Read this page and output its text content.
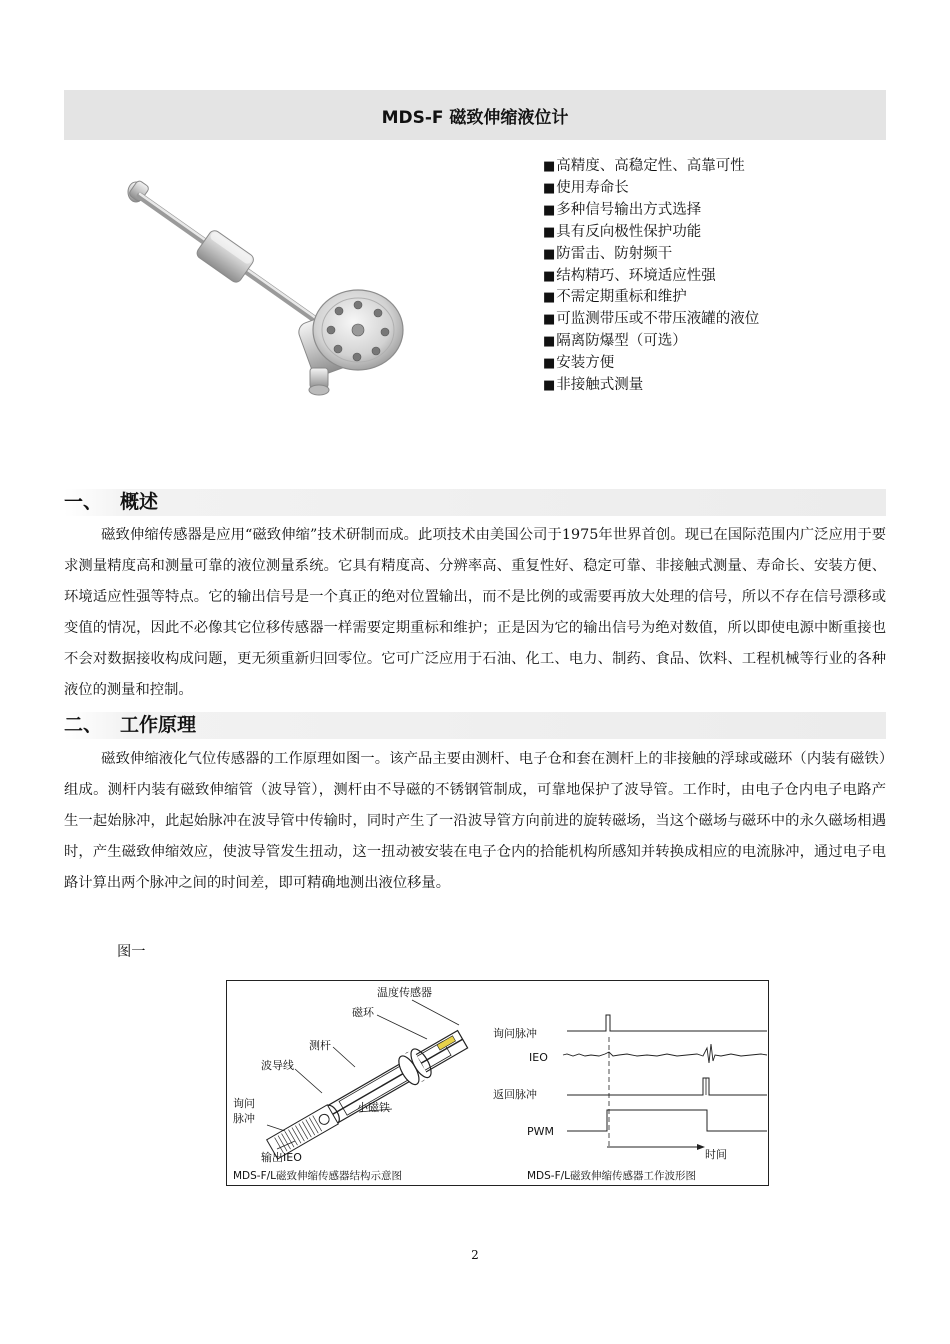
MDS-F 磁致伸缩液位计
■ 高精度、高稳定性、高靠可性
■ 使用寿命长
■ 多种信号输出方式选择
■ 具有反向极性保护功能
■ 防雷击、防射频干
■ 结构精巧、环境适应性强
■ 不需定期重标和维护
■ 可监测带压或不带压液罐的液位
■ 隔离防爆型（可选）
■ 安装方便
■ 非接触式测量
一、 概述

磁致伸缩传感器是应用“磁致伸缩”技术研制而成。此项技术由美国公司于1975年世界首创。现已在国际范围内广泛应用于要求测量精度高和测量可靠的液位测量系统。它具有精度高、分辨率高、重复性好、稳定可靠、非接触式测量、寿命长、安装方便、环境适应性强等特点。它的输出信号是一个真正的绝对位置输出，而不是比例的或需要再放大处理的信号，所以不存在信号漂移或变值的情况，因此不必像其它位移传感器一样需要定期重标和维护；正是因为它的输出信号为绝对数值，所以即使电源中断重接也不会对数据接收构成问题，更无须重新归回零位。它可广泛应用于石油、化工、电力、制药、食品、饮料、工程机械等行业的各种液位的测量和控制。

二、 工作原理

磁致伸缩液化气位传感器的工作原理如图一。该产品主要由测杆、电子仓和套在测杆上的非接触的浮球或磁环（内装有磁铁）组成。测杆内装有磁致伸缩管（波导管），测杆由不导磁的不锈钢管制成，可靠地保护了波导管。工作时，由电子仓内电子电路产生一起始脉冲，此起始脉冲在波导管中传输时，同时产生了一沿波导管方向前进的旋转磁场，当这个磁场与磁环中的永久磁场相遇时，产生磁致伸缩效应，使波导管发生扭动，这一扭动被安装在电子仓内的拾能机构所感知并转换成相应的电流脉冲，通过电子电路计算出两个脉冲之间的时间差，即可精确地测出液位移量。

图一
温度传感器
磁环
测杆
波导线
询问
脉冲
小磁铁
输出IEO
MDS-F/L磁致伸缩传感器结构示意图
询问脉冲
IEO
返回脉冲
PWM
时间
MDS-F/L磁致伸缩传感器工作波形图
2
